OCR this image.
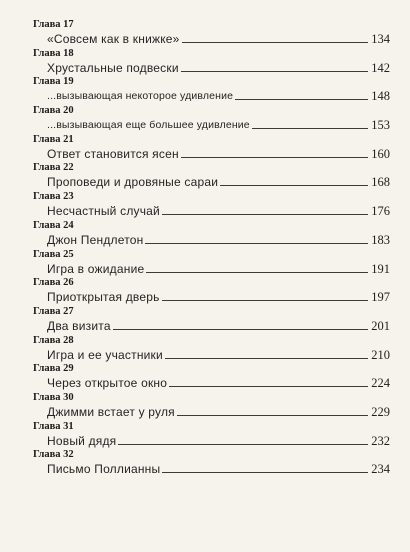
Глава 17
«Совсем как в книжке»	134
Глава 18
Хрустальные подвески	142
Глава 19
...вызывающая некоторое удивление	148
Глава 20
...вызывающая еще большее удивление	153
Глава 21
Ответ становится ясен	160
Глава 22
Проповеди и дровяные сараи	168
Глава 23
Несчастный случай	176
Глава 24
Джон Пендлетон	183
Глава 25
Игра в ожидание	191
Глава 26
Приоткрытая дверь	197
Глава 27
Два визита	201
Глава 28
Игра и ее участники	210
Глава 29
Через открытое окно	224
Глава 30
Джимми встает у руля	229
Глава 31
Новый дядя	232
Глава 32
Письмо Поллианны	234
